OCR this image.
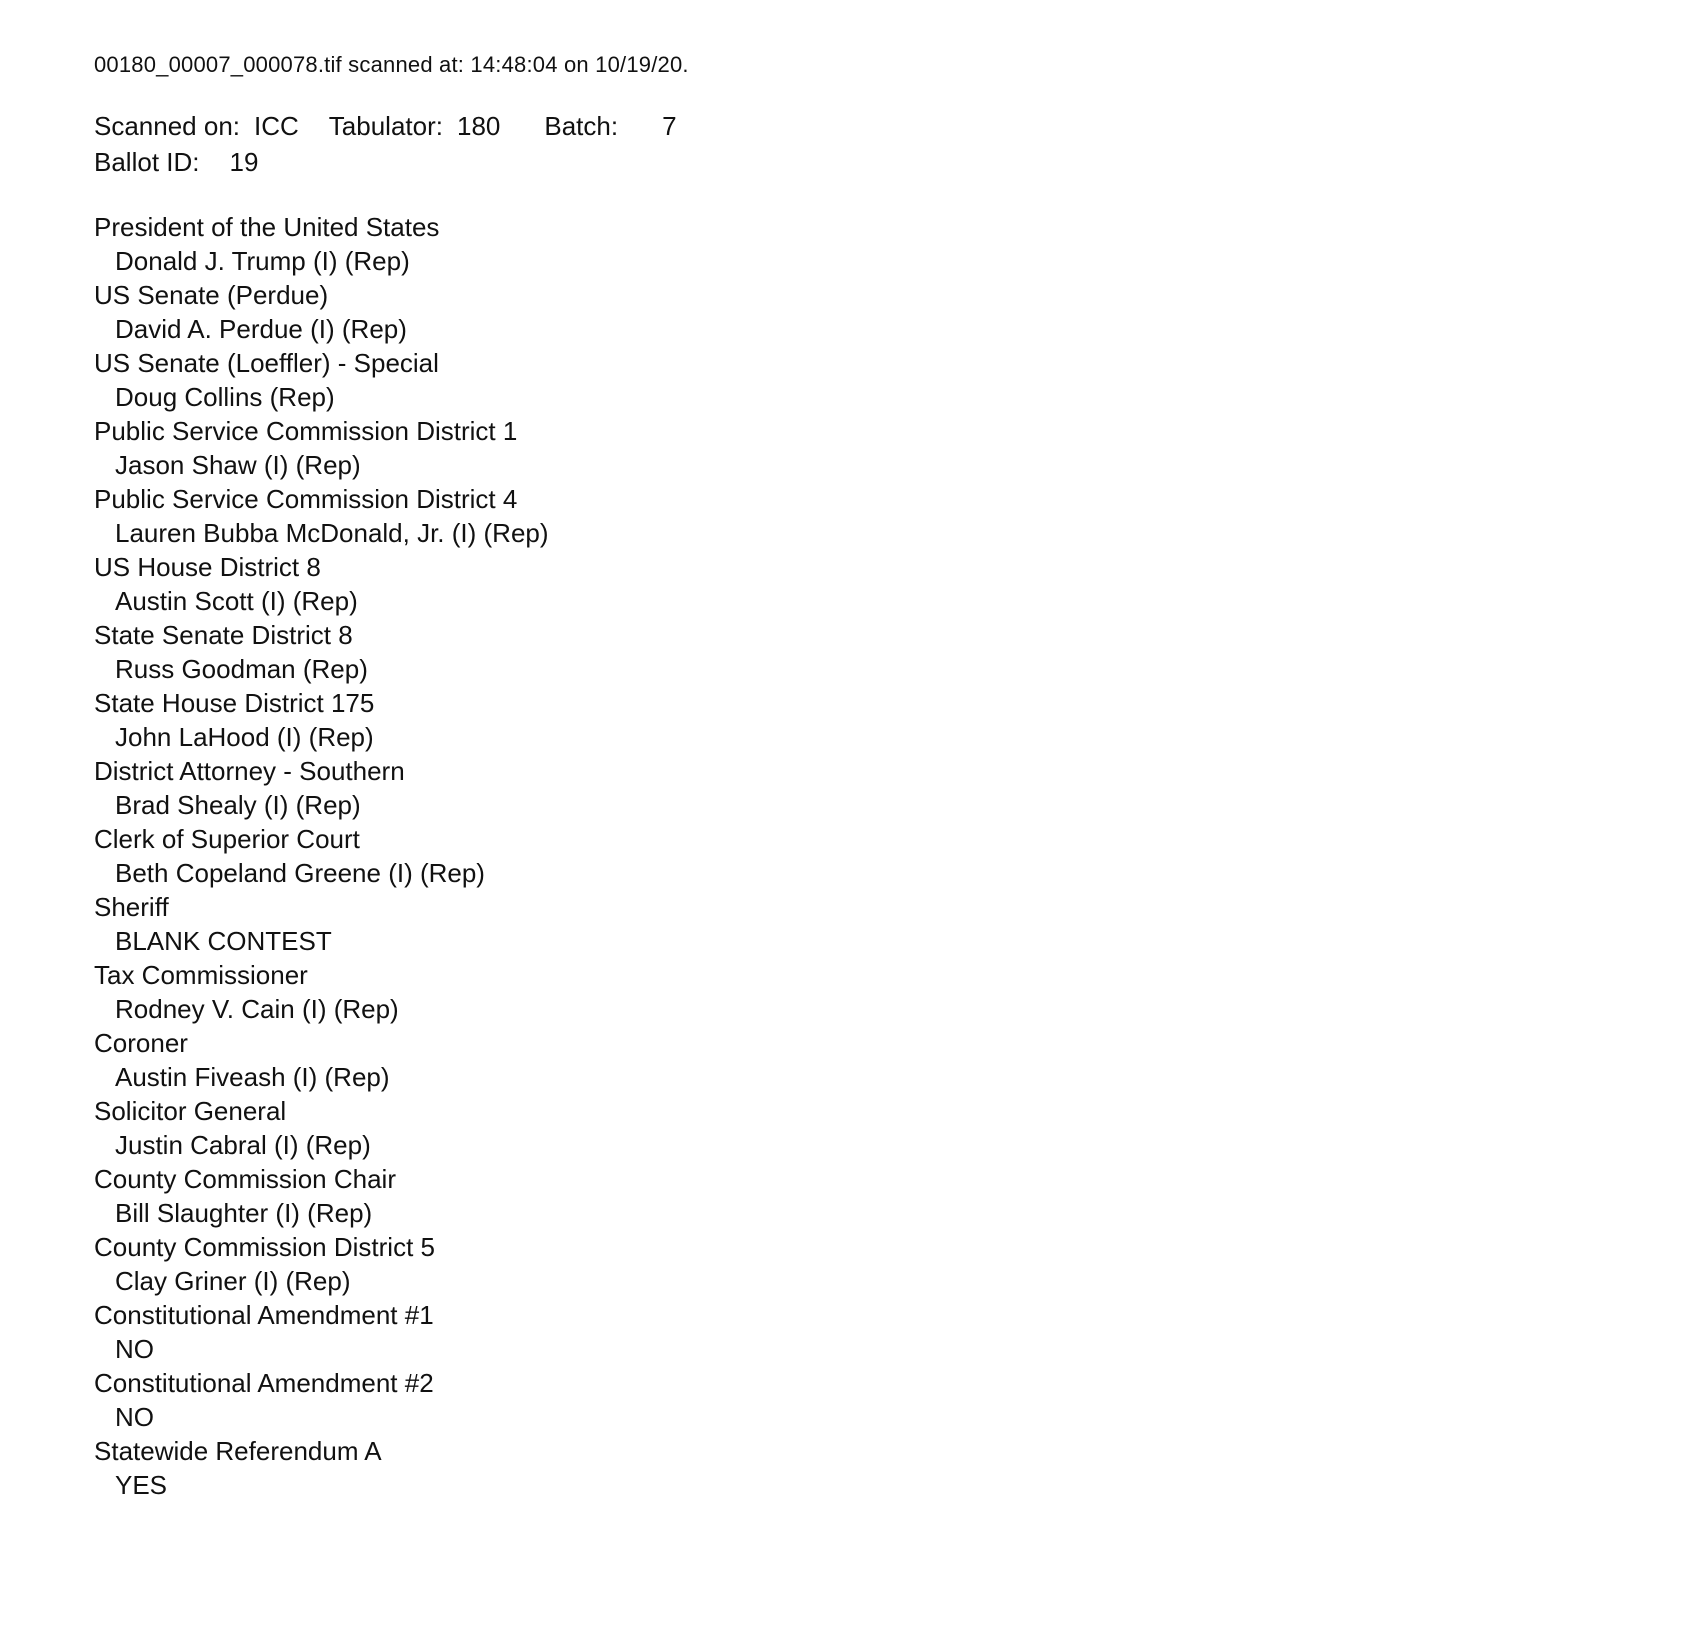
00180_00007_000078.tif scanned at: 14:48:04 on 10/19/20.
Scanned on: ICC Tabulator: 180 Batch: 7
Ballot ID: 19
President of the United States
Donald J. Trump (I) (Rep)
US Senate (Perdue)
David A. Perdue (I) (Rep)
US Senate (Loeffler) - Special
Doug Collins (Rep)
Public Service Commission District 1
Jason Shaw (I) (Rep)
Public Service Commission District 4
Lauren Bubba McDonald, Jr. (I) (Rep)
US House District 8
Austin Scott (I) (Rep)
State Senate District 8
Russ Goodman (Rep)
State House District 175
John LaHood (I) (Rep)
District Attorney - Southern
Brad Shealy (I) (Rep)
Clerk of Superior Court
Beth Copeland Greene (I) (Rep)
Sheriff
BLANK CONTEST
Tax Commissioner
Rodney V. Cain (I) (Rep)
Coroner
Austin Fiveash (I) (Rep)
Solicitor General
Justin Cabral (I) (Rep)
County Commission Chair
Bill Slaughter (I) (Rep)
County Commission District 5
Clay Griner (I) (Rep)
Constitutional Amendment #1
NO
Constitutional Amendment #2
NO
Statewide Referendum A
YES
